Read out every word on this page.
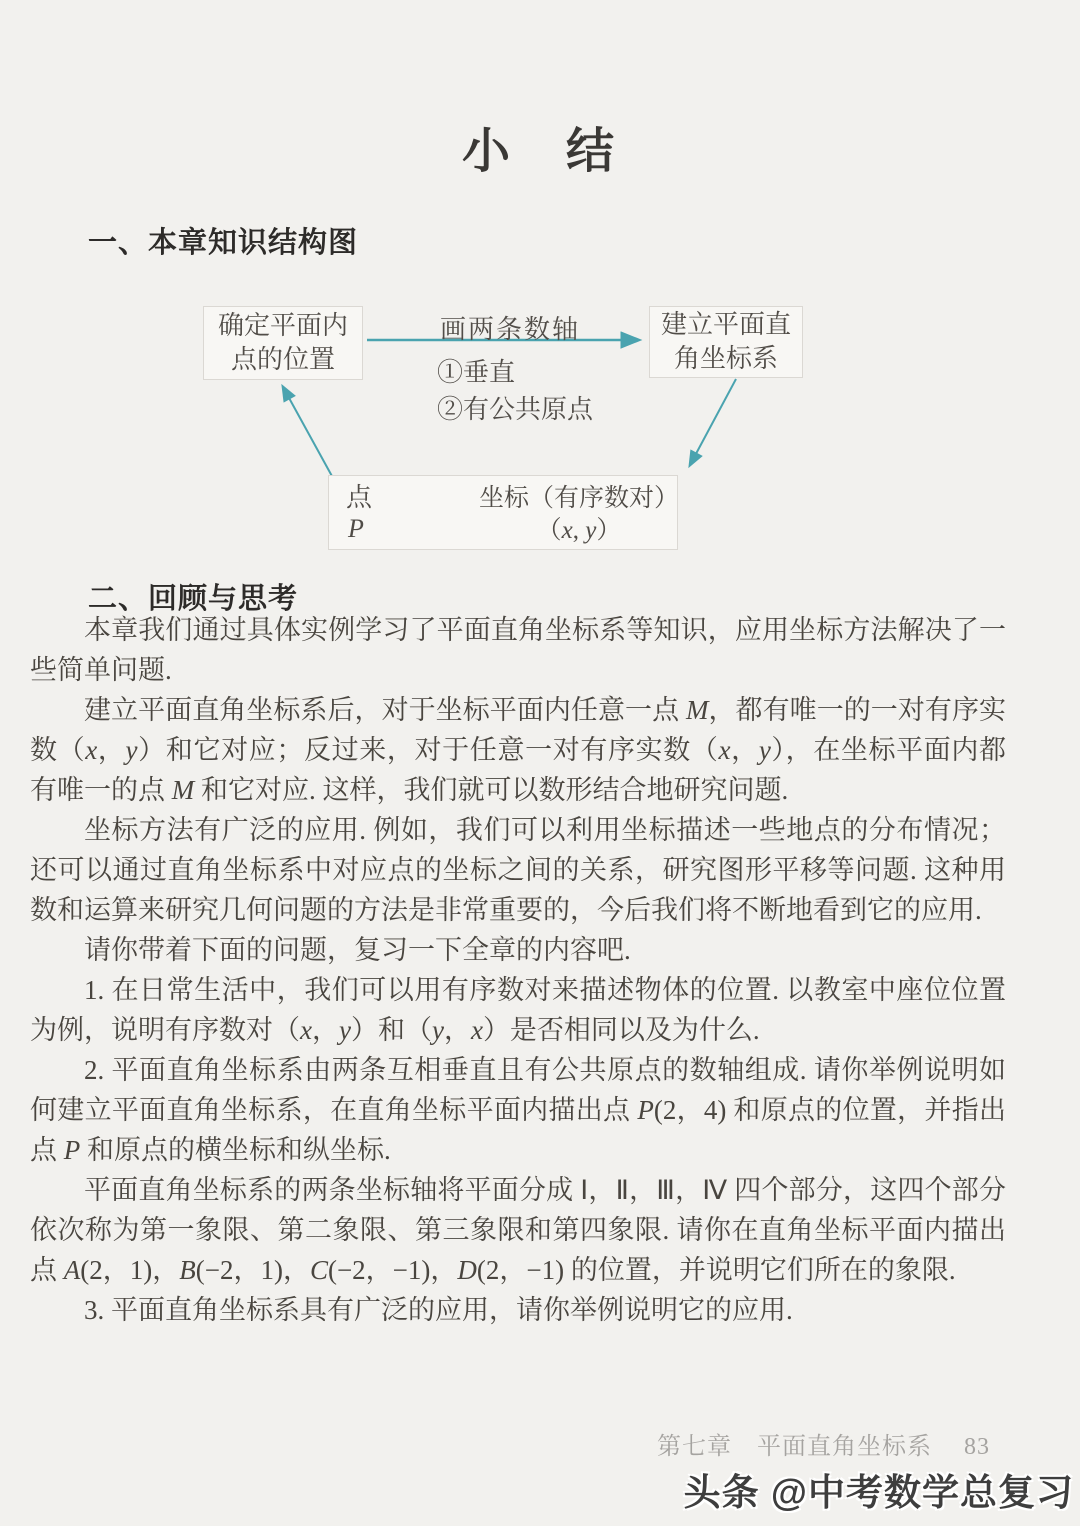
小　结
一、本章知识结构图
确定平面内
点的位置
建立平面直
角坐标系
画两条数轴
①垂直
②有公共原点
点
P
坐标（有序数对）
（x, y）
二、回顾与思考

本章我们通过具体实例学习了平面直角坐标系等知识，应用坐标方法解决了一些简单问题.

建立平面直角坐标系后，对于坐标平面内任意一点 M，都有唯一的一对有序实数（x，y）和它对应；反过来，对于任意一对有序实数（x，y），在坐标平面内都有唯一的点 M 和它对应. 这样，我们就可以数形结合地研究问题.

坐标方法有广泛的应用. 例如，我们可以利用坐标描述一些地点的分布情况；还可以通过直角坐标系中对应点的坐标之间的关系，研究图形平移等问题. 这种用数和运算来研究几何问题的方法是非常重要的，今后我们将不断地看到它的应用.

请你带着下面的问题，复习一下全章的内容吧.

1. 在日常生活中，我们可以用有序数对来描述物体的位置. 以教室中座位位置为例，说明有序数对（x，y）和（y，x）是否相同以及为什么.

2. 平面直角坐标系由两条互相垂直且有公共原点的数轴组成. 请你举例说明如何建立平面直角坐标系，在直角坐标平面内描出点 P(2，4) 和原点的位置，并指出点 P 和原点的横坐标和纵坐标.

平面直角坐标系的两条坐标轴将平面分成 Ⅰ，Ⅱ，Ⅲ，Ⅳ 四个部分，这四个部分依次称为第一象限、第二象限、第三象限和第四象限. 请你在直角坐标平面内描出点 A(2，1)，B(−2，1)，C(−2，−1)，D(2，−1) 的位置，并说明它们所在的象限.

3. 平面直角坐标系具有广泛的应用，请你举例说明它的应用.

第七章　平面直角坐标系　 83
头条 @中考数学总复习
